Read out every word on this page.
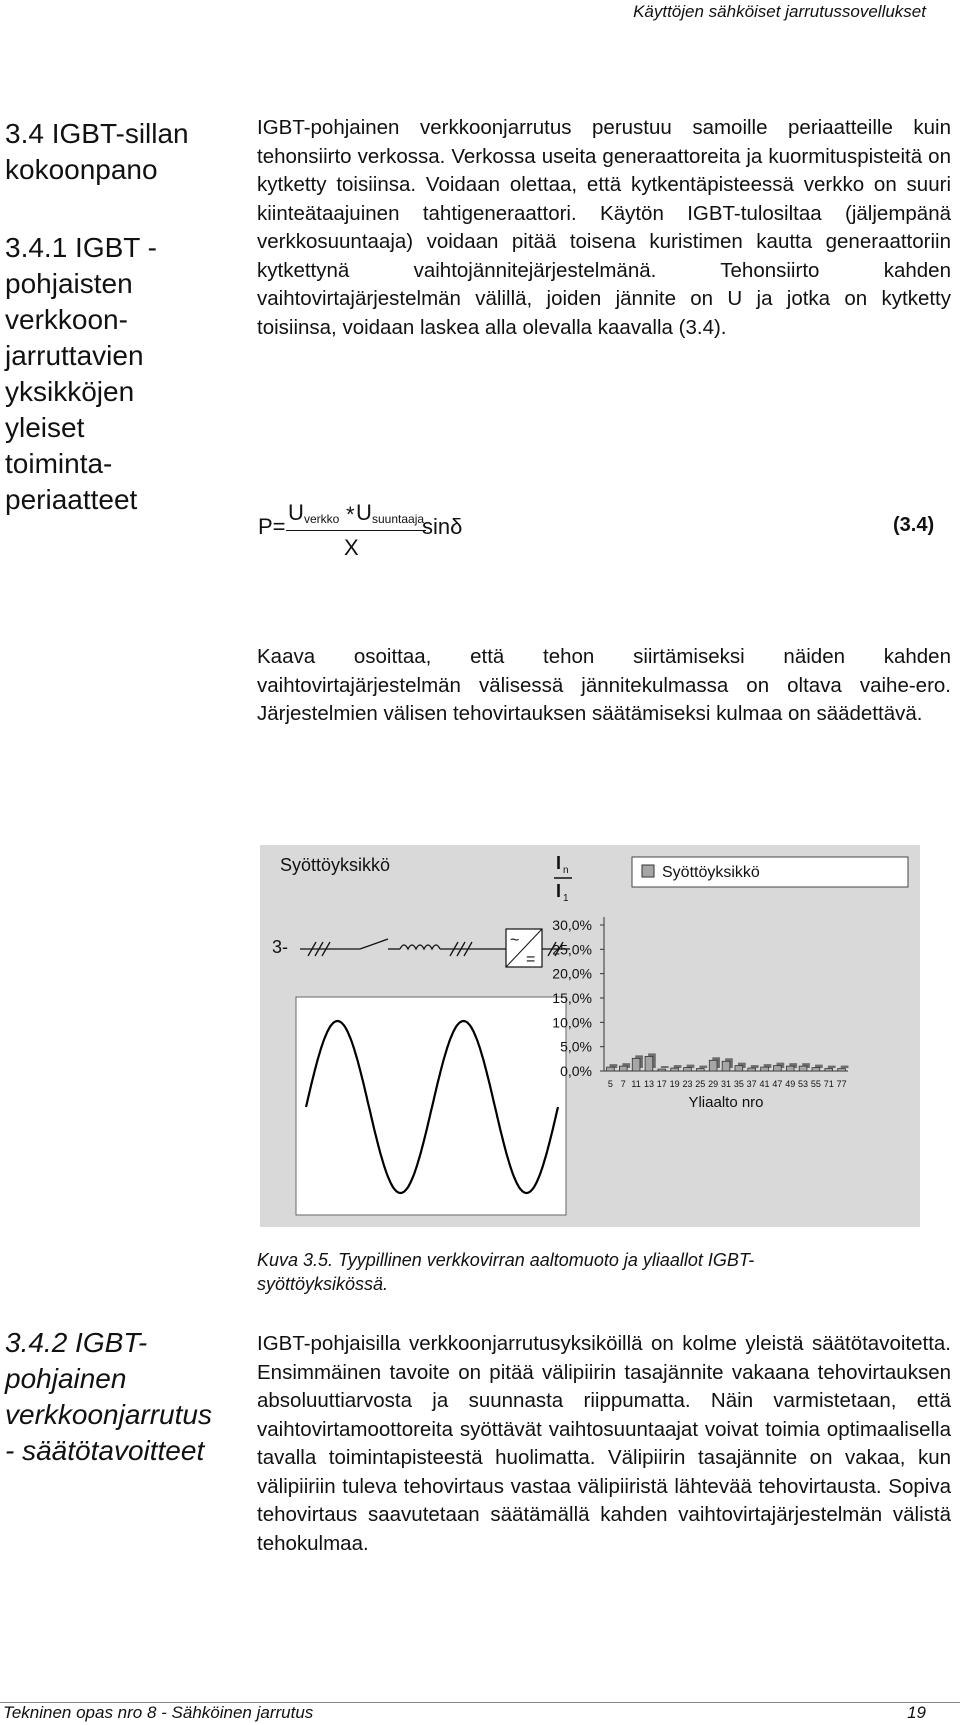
Käyttöjen sähköiset jarrutussovellukset
3.4 IGBT-sillan
kokoonpano
3.4.1 IGBT -
pohjaisten
verkkoon-
jarruttavien
yksikköjen
yleiset
toiminta-
periaatteet
3.4.2 IGBT-
pohjainen
verkkoonjarrutus
- säätötavoitteet

IGBT-pohjainen verkkoonjarrutus perustuu samoille periaatteille kuin tehonsiirto verkossa. Verkossa useita generaattoreita ja kuormituspisteitä on kytketty toisiinsa. Voidaan olettaa, että kytkentäpisteessä verkko on suuri kiinteätaajuinen tahtigeneraattori. Käytön IGBT-tulosiltaa (jäljempänä verkkosuuntaaja) voidaan pitää toisena kuristimen kautta generaattoriin kytkettynä vaihtojännitejärjestelmänä. Tehonsiirto kahden vaihtovirtajärjestelmän välillä, joiden jännite on U ja jotka on kytketty toisiinsa, voidaan laskea alla olevalla kaavalla (3.4).

P=
U verkko * U suuntaaja
X
sinδ	(3.4)

Kaava osoittaa, että tehon siirtämiseksi näiden kahden vaihtovirtajärjestelmän välisessä jännitekulmassa on oltava vaihe-ero. Järjestelmien välisen tehovirtauksen säätämiseksi kulmaa on säädettävä.

Syöttöyksikkö
3-	~
=
I n
I 1
Syöttöyksikkö
30,0%
25,0%
20,0%
15,0%
10,0%
5,0%
0,0%
5 7 11 13 17 19 23 25 29 31 35 37 41 47 49 53 55 71 77
Yliaalto nro
Kuva 3.5. Tyypillinen verkkovirran aaltomuoto ja yliaallot IGBT-syöttöyksikössä.

IGBT-pohjaisilla verkkoonjarrutusyksiköillä on kolme yleistä säätötavoitetta. Ensimmäinen tavoite on pitää välipiirin tasajännite vakaana tehovirtauksen absoluuttiarvosta ja suunnasta riippumatta. Näin varmistetaan, että vaihtovirtamoottoreita syöttävät vaihtosuuntaajat voivat toimia optimaalisella tavalla toimintapisteestä huolimatta. Välipiirin tasajännite on vakaa, kun välipiiriin tuleva tehovirtaus vastaa välipiiristä lähtevää tehovirtausta. Sopiva tehovirtaus saavutetaan säätämällä kahden vaihtovirtajärjestelmän välistä tehokulmaa.

Tekninen opas nro 8 - Sähköinen jarrutus	19
